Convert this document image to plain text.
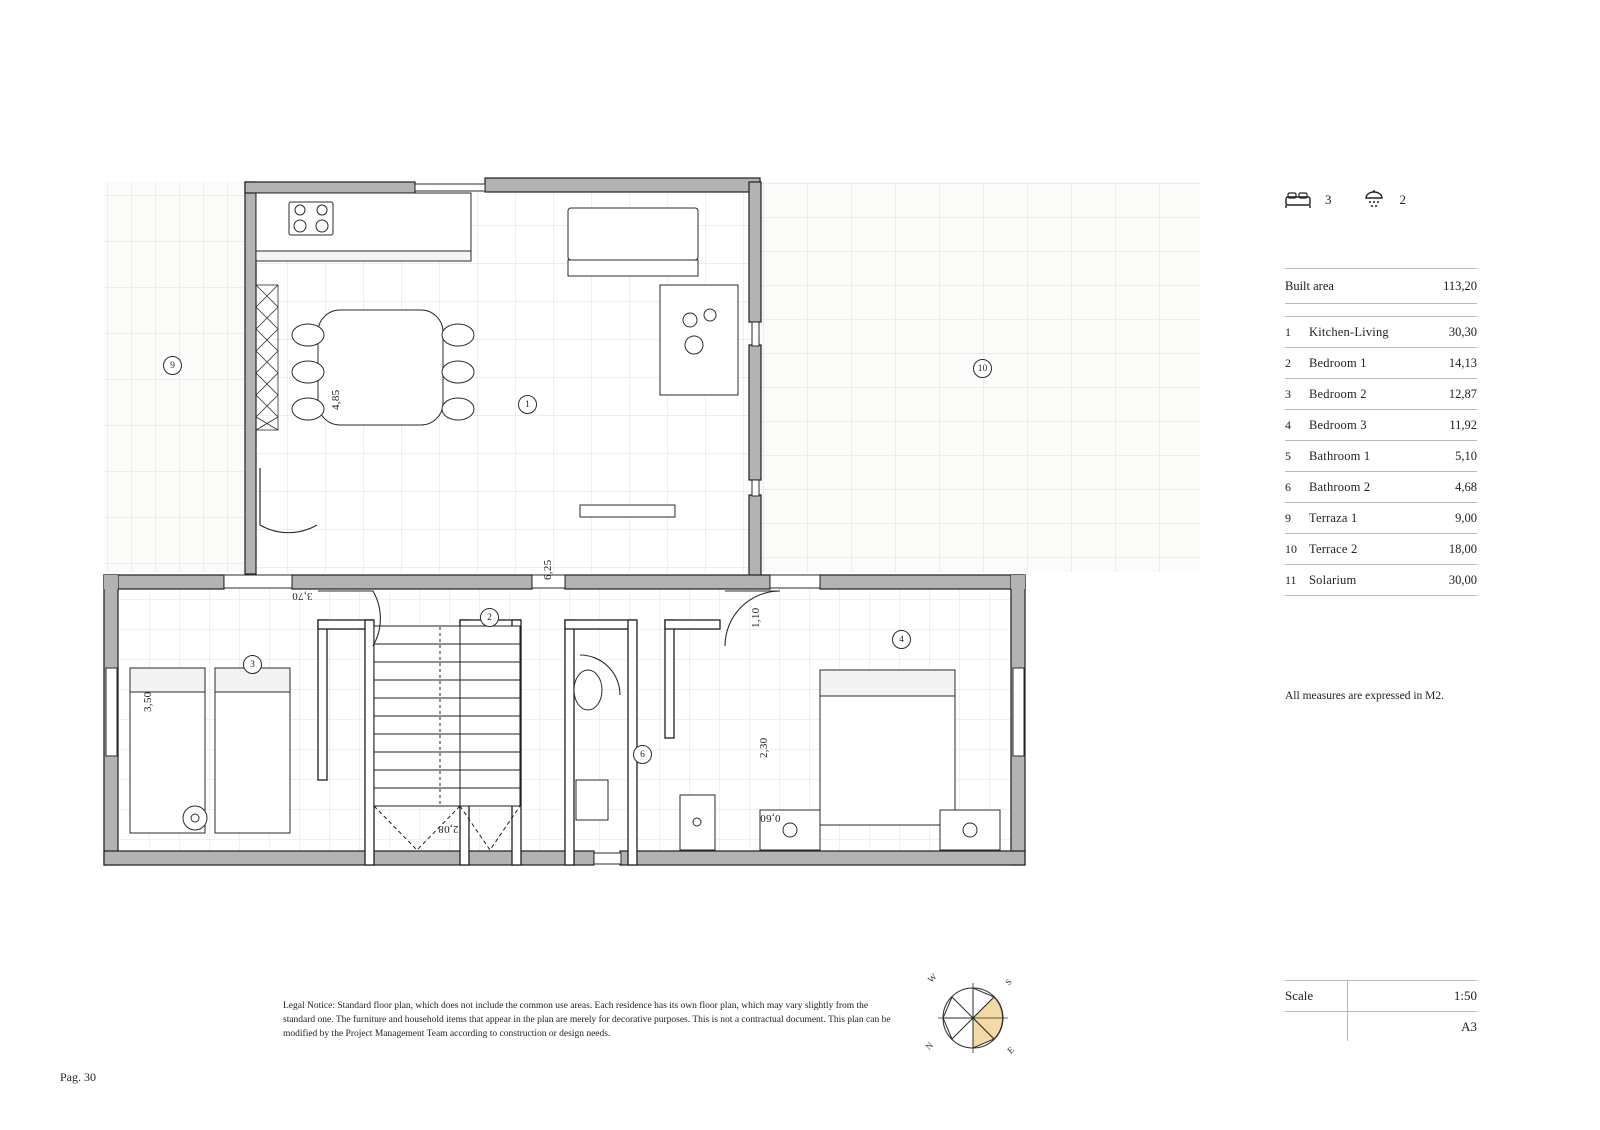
9	10
1
2
3
4
6
4,85
6,25
3,70
3,50
1,10
2,30
0,60
2,08
3	2
Built area	113,20
1	Kitchen-Living	30,30
2	Bedroom 1	14,13
3	Bedroom 2	12,87
4	Bedroom 3	11,92
5	Bathroom 1	5,10
6	Bathroom 2	4,68
9	Terraza 1	9,00
10 Terrace 2	18,00
11 Solarium	30,00
All measures are expressed in M2.
Scale	1:50
A3
N
S
E
W
Legal Notice: Standard floor plan, which does not include the common use areas. Each residence has its own floor plan, which may vary slightly from the standard one. The furniture and household items that appear in the plan are merely for decorative purposes. This is not a contractual document. This plan can be modified by the Project Management Team according to construction or design needs.
Pag. 30
